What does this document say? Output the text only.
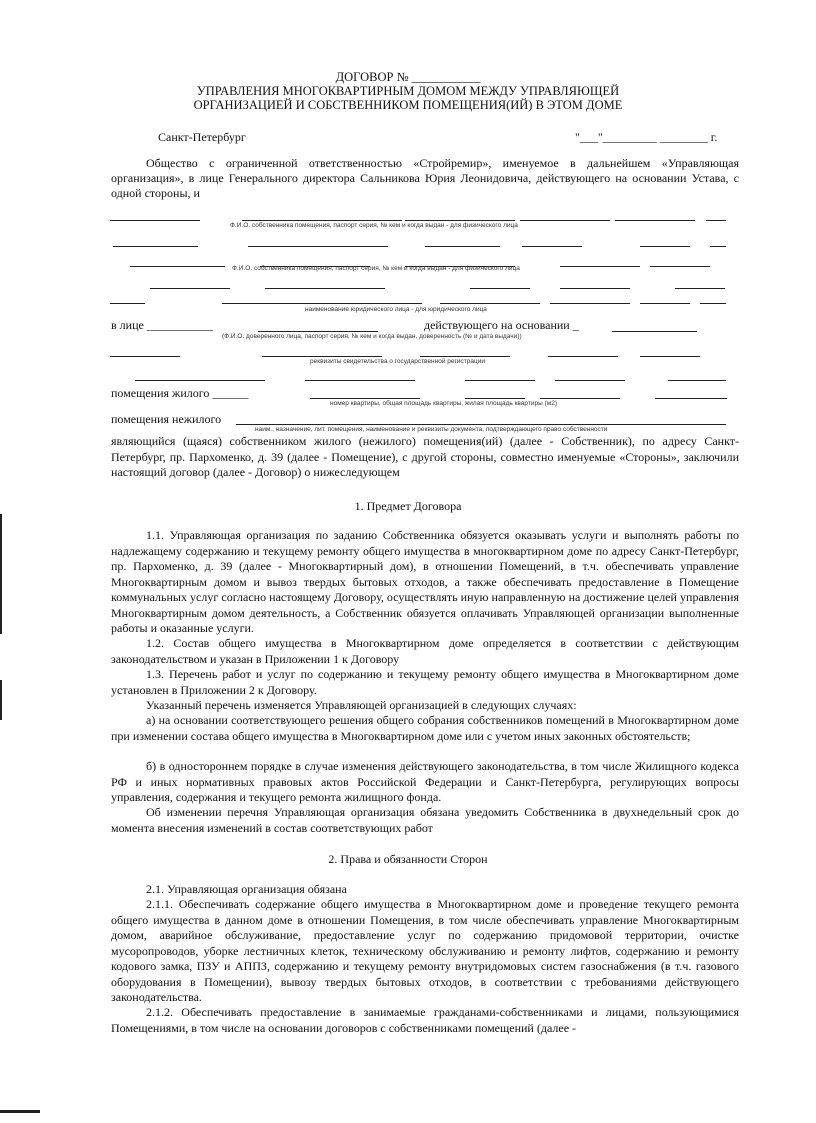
ДОГОВОР № ___________
УПРАВЛЕНИЯ МНОГОКВАРТИРНЫМ ДОМОМ МЕЖДУ УПРАВЛЯЮЩЕЙ
ОРГАНИЗАЦИЕЙ И СОБСТВЕННИКОМ ПОМЕЩЕНИЯ(ИЙ) В ЭТОМ ДОМЕ
Санкт-Петербург	"___"_________ ________ г.
Общество с ограниченной ответственностью «Стройремир», именуемое в дальнейшем «Управляющая организация», в лице Генерального директора Сальникова Юрия Леонидовича, действующего на основании Устава, с одной стороны, и
Ф.И.О. собственника помещения, паспорт серия, № кем и когда выдан - для физического лица
Ф.И.О. собственника помещения, паспорт серия, № кем и когда выдан - для физического лица
наименование юридического лица - для юридического лица
в лице ___________	действующего на основании _
(Ф.И.О. доверенного лица, паспорт серия, № кем и когда выдан, доверенность (№ и дата выдачи))
реквизиты свидетельства о государственной регистрации
помещения жилого ______
номер квартиры, общая площадь квартиры, жилая площадь квартиры (м2)
помещения нежилого
наим., назначение, лит. помещения, наименование и реквизиты документа, подтверждающего право собственности
являющийся (щаяся) собственником жилого (нежилого) помещения(ий) (далее - Собственник), по адресу Санкт-Петербург, пр. Пархоменко, д. 39 (далее - Помещение), с другой стороны, совместно именуемые «Стороны», заключили настоящий договор (далее - Договор) о нижеследующем
1. Предмет Договора
1.1. Управляющая организация по заданию Собственника обязуется оказывать услуги и выполнять работы по надлежащему содержанию и текущему ремонту общего имущества в многоквартирном доме по адресу Санкт-Петербург, пр. Пархоменко, д. 39 (далее - Многоквартирный дом), в отношении Помещений, в т.ч. обеспечивать управление Многоквартирным домом и вывоз твердых бытовых отходов, а также обеспечивать предоставление в Помещение коммунальных услуг согласно настоящему Договору, осуществлять иную направленную на достижение целей управления Многоквартирным домом деятельность, а Собственник обязуется оплачивать Управляющей организации выполненные работы и оказанные услуги.
1.2. Состав общего имущества в Многоквартирном доме определяется в соответствии с действующим законодательством и указан в Приложении 1 к Договору
1.3. Перечень работ и услуг по содержанию и текущему ремонту общего имущества в Многоквартирном доме установлен в Приложении 2 к Договору.
Указанный перечень изменяется Управляющей организацией в следующих случаях:
а) на основании соответствующего решения общего собрания собственников помещений в Многоквартирном доме при изменении состава общего имущества в Многоквартирном доме или с учетом иных законных обстоятельств;
б) в одностороннем порядке в случае изменения действующего законодательства, в том числе Жилищного кодекса РФ и иных нормативных правовых актов Российской Федерации и Санкт-Петербурга, регулирующих вопросы управления, содержания и текущего ремонта жилищного фонда.
Об изменении перечня Управляющая организация обязана уведомить Собственника в двухнедельный срок до момента внесения изменений в состав соответствующих работ
2. Права и обязанности Сторон
2.1. Управляющая организация обязана
2.1.1. Обеспечивать содержание общего имущества в Многоквартирном доме и проведение текущего ремонта общего имущества в данном доме в отношении Помещения, в том числе обеспечивать управление Многоквартирным домом, аварийное обслуживание, предоставление услуг по содержанию придомовой территории, очистке мусоропроводов, уборке лестничных клеток, техническому обслуживанию и ремонту лифтов, содержанию и ремонту кодового замка, ПЗУ и АППЗ, содержанию и текущему ремонту внутридомовых систем газоснабжения (в т.ч. газового оборудования в Помещении), вывозу твердых бытовых отходов, в соответствии с требованиями действующего законодательства.
2.1.2. Обеспечивать предоставление в занимаемые гражданами-собственниками и лицами, пользующимися Помещениями, в том числе на основании договоров с собственниками помещений (далее -
